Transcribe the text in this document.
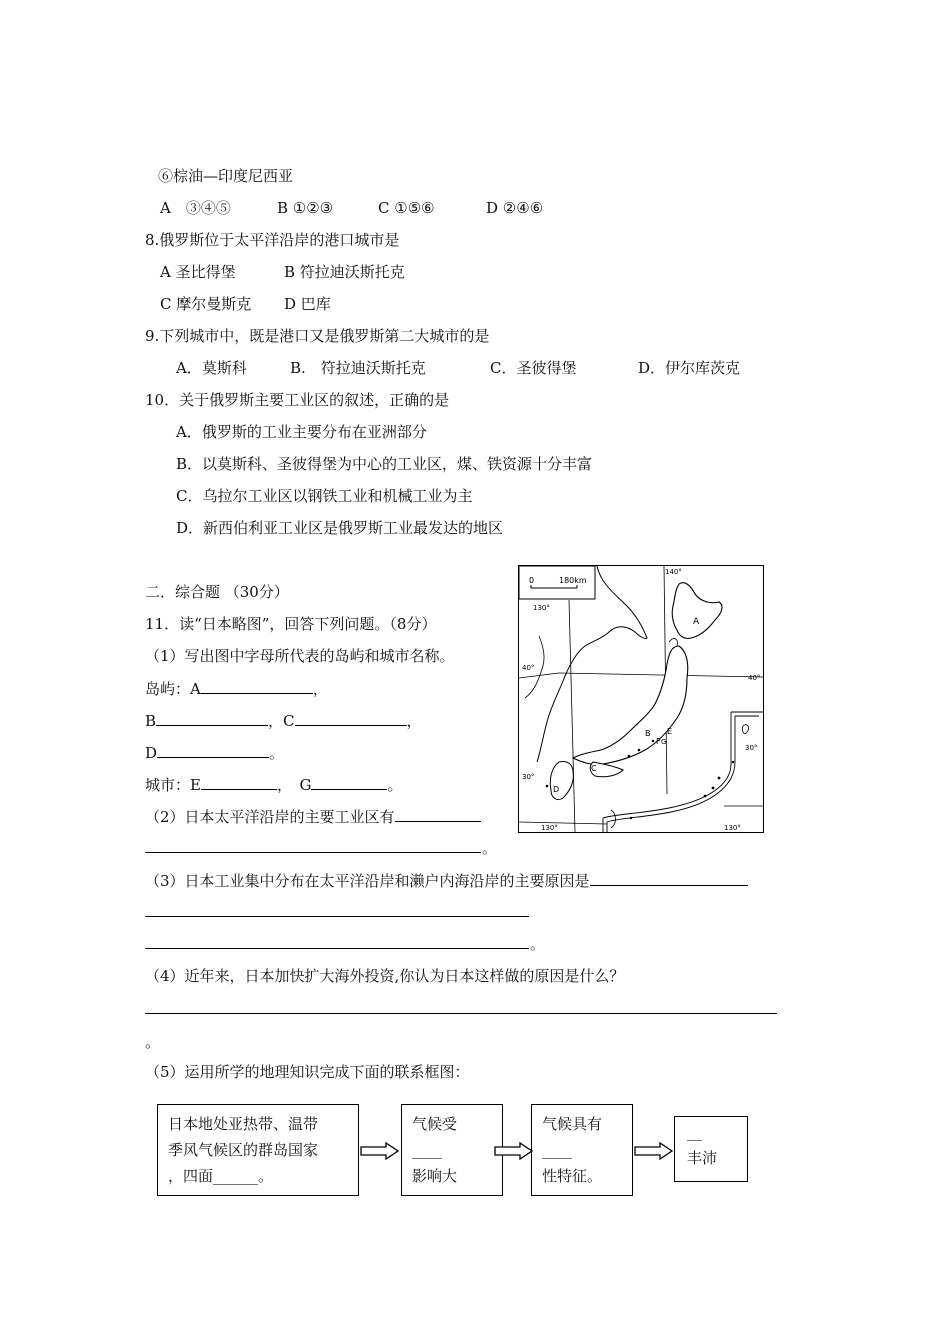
⑥棕油—印度尼西亚
A　③④⑤	B ①②③	C ①⑤⑥	D ②④⑥
8.俄罗斯位于太平洋沿岸的港口城市是
A 圣比得堡	B 符拉迪沃斯托克
C 摩尔曼斯克 D 巴库
9.下列城市中，既是港口又是俄罗斯第二大城市的是
A．莫斯科	B.　符拉迪沃斯托克	C．圣彼得堡	D．伊尔库茨克
10．关于俄罗斯主要工业区的叙述，正确的是
A．俄罗斯的工业主要分布在亚洲部分
B．以莫斯科、圣彼得堡为中心的工业区，煤、铁资源十分丰富
C．乌拉尔工业区以钢铁工业和机械工业为主
D．新西伯利亚工业区是俄罗斯工业最发达的地区
二．综合题 （30分）
11．读“日本略图”，回答下列问题。（8分）
（1）写出图中字母所代表的岛屿和城市名称。
岛屿：A	，
B	，C	，
D	。
城市：E	，　G	。
（2）日本太平洋沿岸的主要工业区有
。
（3）日本工业集中分布在太平洋沿岸和濑户内海沿岸的主要原因是
。
（4）近年来，日本加快扩大海外投资,你认为日本这样做的原因是什么？
。
（5）运用所学的地理知识完成下面的联系框图：
日本地处亚热带、温带
季风气候区的群岛国家
，四面______。
气候受
____
影响大
气候具有
____
性特征。
__
丰沛
0	180km
130°
140°
40°
40°
30°
30°
130°	130°
A
B
C
D
E
F G
